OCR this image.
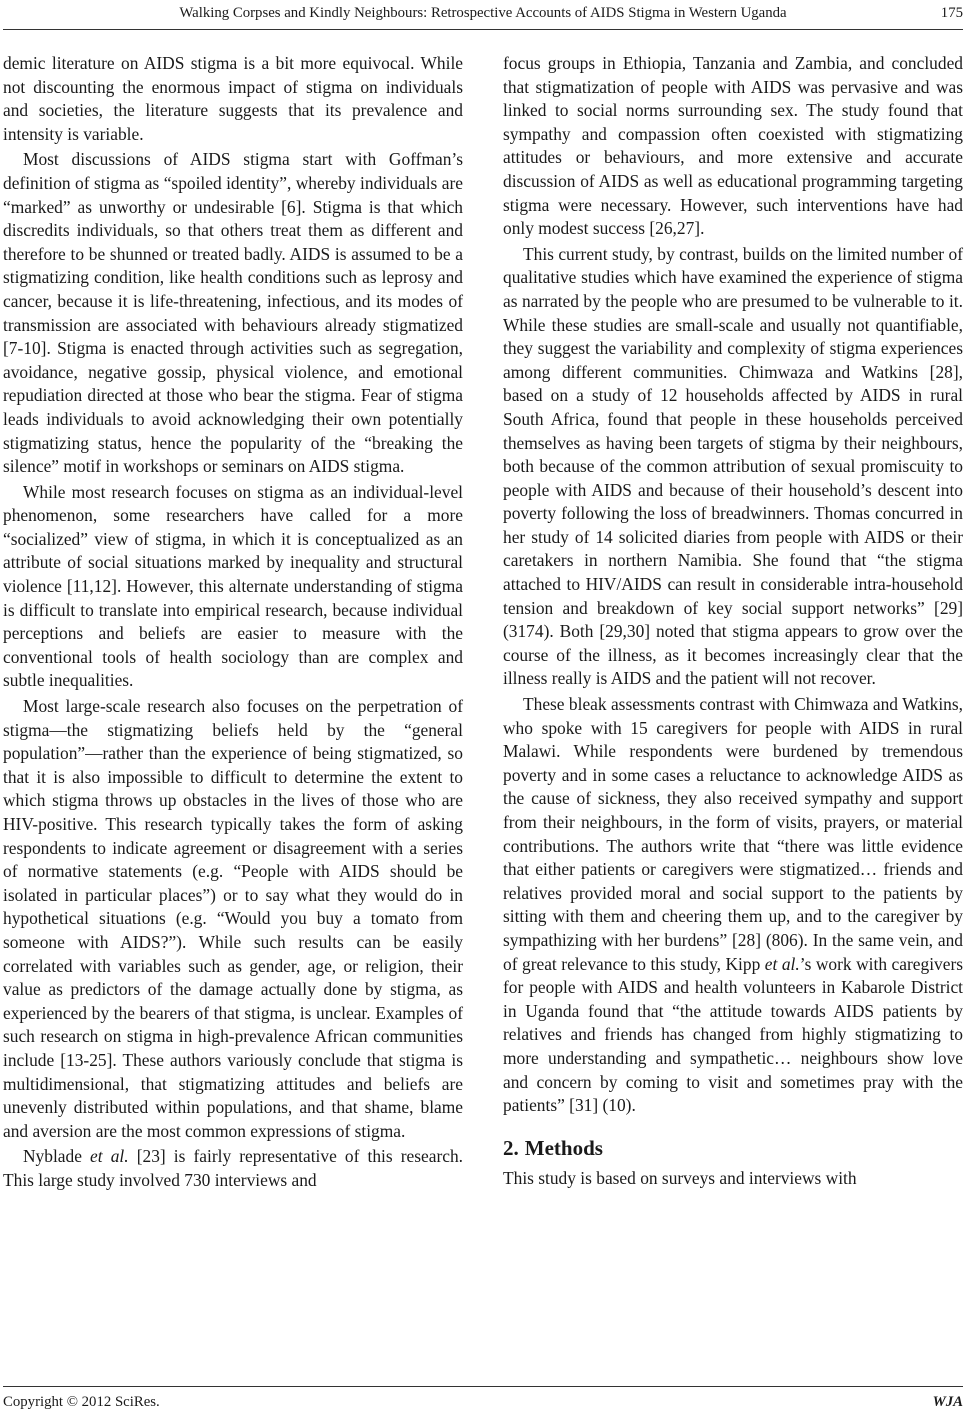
Walking Corpses and Kindly Neighbours: Retrospective Accounts of AIDS Stigma in Western Uganda	175

demic literature on AIDS stigma is a bit more equivocal. While not discounting the enormous impact of stigma on individuals and societies, the literature suggests that its prevalence and intensity is variable.

Most discussions of AIDS stigma start with Goffman’s definition of stigma as “spoiled identity”, whereby individuals are “marked” as unworthy or undesirable [6]. Stigma is that which discredits individuals, so that others treat them as different and therefore to be shunned or treated badly. AIDS is assumed to be a stigmatizing condition, like health conditions such as leprosy and cancer, because it is life-threatening, infectious, and its modes of transmission are associated with behaviours already stigmatized [7-10]. Stigma is enacted through activities such as segregation, avoidance, negative gossip, physical violence, and emotional repudiation directed at those who bear the stigma. Fear of stigma leads individuals to avoid acknowledging their own potentially stigmatizing status, hence the popularity of the “breaking the silence” motif in workshops or seminars on AIDS stigma.

While most research focuses on stigma as an individual-level phenomenon, some researchers have called for a more “socialized” view of stigma, in which it is conceptualized as an attribute of social situations marked by inequality and structural violence [11,12]. However, this alternate understanding of stigma is difficult to translate into empirical research, because individual perceptions and beliefs are easier to measure with the conventional tools of health sociology than are complex and subtle inequalities.

Most large-scale research also focuses on the perpetration of stigma—the stigmatizing beliefs held by the “general population”—rather than the experience of being stigmatized, so that it is also impossible to difficult to determine the extent to which stigma throws up obstacles in the lives of those who are HIV-positive. This research typically takes the form of asking respondents to indicate agreement or disagreement with a series of normative statements (e.g. “People with AIDS should be isolated in particular places”) or to say what they would do in hypothetical situations (e.g. “Would you buy a tomato from someone with AIDS?”). While such results can be easily correlated with variables such as gender, age, or religion, their value as predictors of the damage actually done by stigma, as experienced by the bearers of that stigma, is unclear. Examples of such research on stigma in high-prevalence African communities include [13-25]. These authors variously conclude that stigma is multidimensional, that stigmatizing attitudes and beliefs are unevenly distributed within populations, and that shame, blame and aversion are the most common expressions of stigma.

Nyblade et al. [23] is fairly representative of this research. This large study involved 730 interviews and

focus groups in Ethiopia, Tanzania and Zambia, and concluded that stigmatization of people with AIDS was pervasive and was linked to social norms surrounding sex. The study found that sympathy and compassion often coexisted with stigmatizing attitudes or behaviours, and more extensive and accurate discussion of AIDS as well as educational programming targeting stigma were necessary. However, such interventions have had only modest success [26,27].

This current study, by contrast, builds on the limited number of qualitative studies which have examined the experience of stigma as narrated by the people who are presumed to be vulnerable to it. While these studies are small-scale and usually not quantifiable, they suggest the variability and complexity of stigma experiences among different communities. Chimwaza and Watkins [28], based on a study of 12 households affected by AIDS in rural South Africa, found that people in these households perceived themselves as having been targets of stigma by their neighbours, both because of the common attribution of sexual promiscuity to people with AIDS and because of their household’s descent into poverty following the loss of breadwinners. Thomas concurred in her study of 14 solicited diaries from people with AIDS or their caretakers in northern Namibia. She found that “the stigma attached to HIV/AIDS can result in considerable intra-household tension and breakdown of key social support networks” [29] (3174). Both [29,30] noted that stigma appears to grow over the course of the illness, as it becomes increasingly clear that the illness really is AIDS and the patient will not recover.

These bleak assessments contrast with Chimwaza and Watkins, who spoke with 15 caregivers for people with AIDS in rural Malawi. While respondents were burdened by tremendous poverty and in some cases a reluctance to acknowledge AIDS as the cause of sickness, they also received sympathy and support from their neighbours, in the form of visits, prayers, or material contributions. The authors write that “there was little evidence that either patients or caregivers were stigmatized… friends and relatives provided moral and social support to the patients by sitting with them and cheering them up, and to the caregiver by sympathizing with her burdens” [28] (806). In the same vein, and of great relevance to this study, Kipp et al.’s work with caregivers for people with AIDS and health volunteers in Kabarole District in Uganda found that “the attitude towards AIDS patients by relatives and friends has changed from highly stigmatizing to more understanding and sympathetic… neighbours show love and concern by coming to visit and sometimes pray with the patients” [31] (10).

2. Methods

This study is based on surveys and interviews with

Copyright © 2012 SciRes.	WJA
